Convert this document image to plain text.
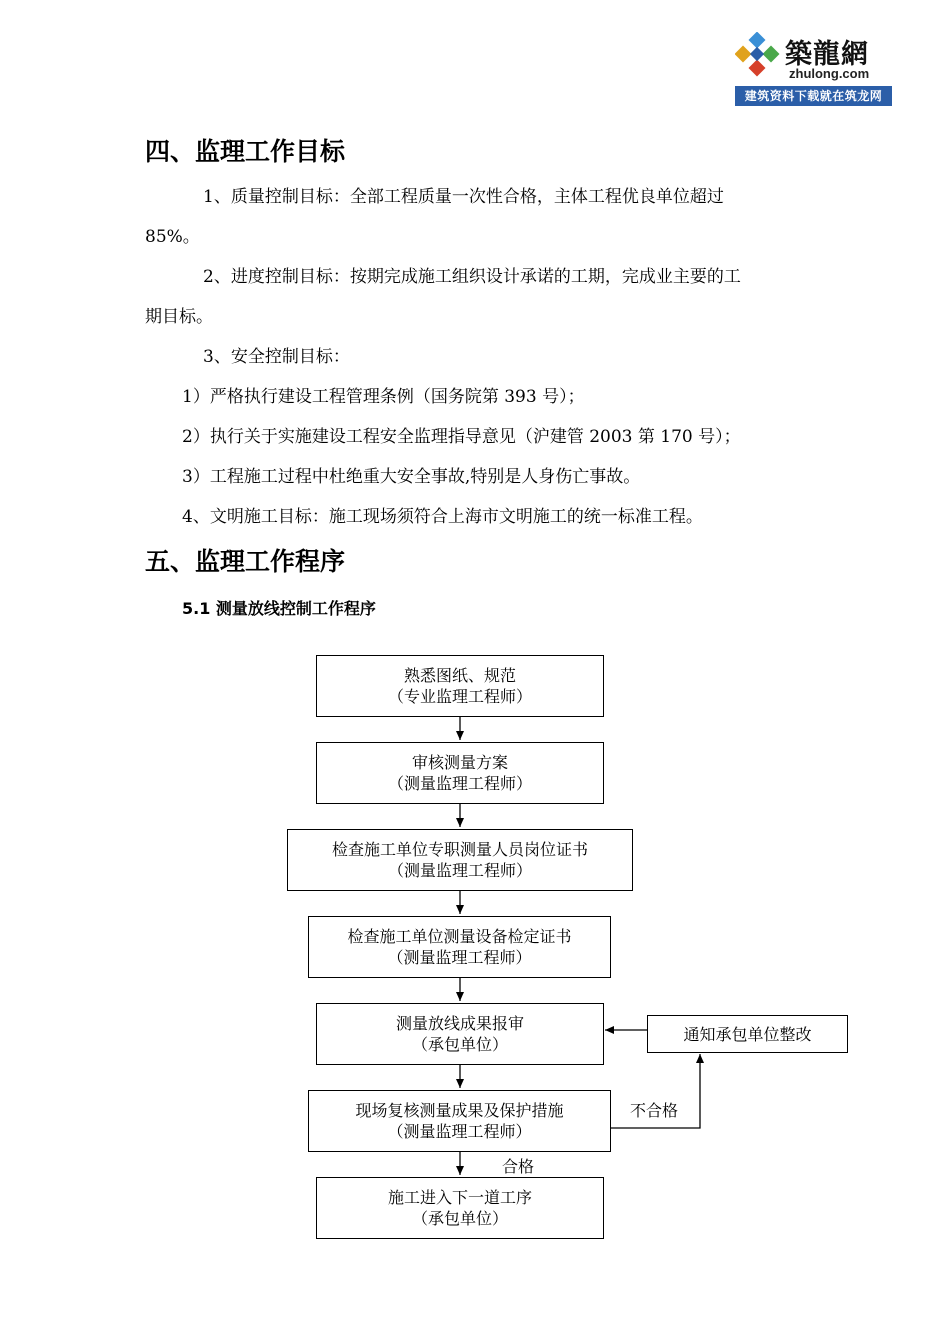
築龍網
zhulong.com
建筑资料下载就在筑龙网
四、监理工作目标
1、质量控制目标：全部工程质量一次性合格，主体工程优良单位超过
85%。
2、进度控制目标：按期完成施工组织设计承诺的工期，完成业主要的工
期目标。
3、安全控制目标：
1）严格执行建设工程管理条例（国务院第 393 号）；
2）执行关于实施建设工程安全监理指导意见（沪建管 2003 第 170 号）；
3）工程施工过程中杜绝重大安全事故,特别是人身伤亡事故。
4、文明施工目标：施工现场须符合上海市文明施工的统一标准工程。
五、监理工作程序
5.1 测量放线控制工作程序
熟悉图纸、规范
（专业监理工程师）
审核测量方案
（测量监理工程师）
检查施工单位专职测量人员岗位证书
（测量监理工程师）
检查施工单位测量设备检定证书
（测量监理工程师）
测量放线成果报审
（承包单位）
现场复核测量成果及保护措施
（测量监理工程师）
施工进入下一道工序
（承包单位）
通知承包单位整改
不合格
合格
